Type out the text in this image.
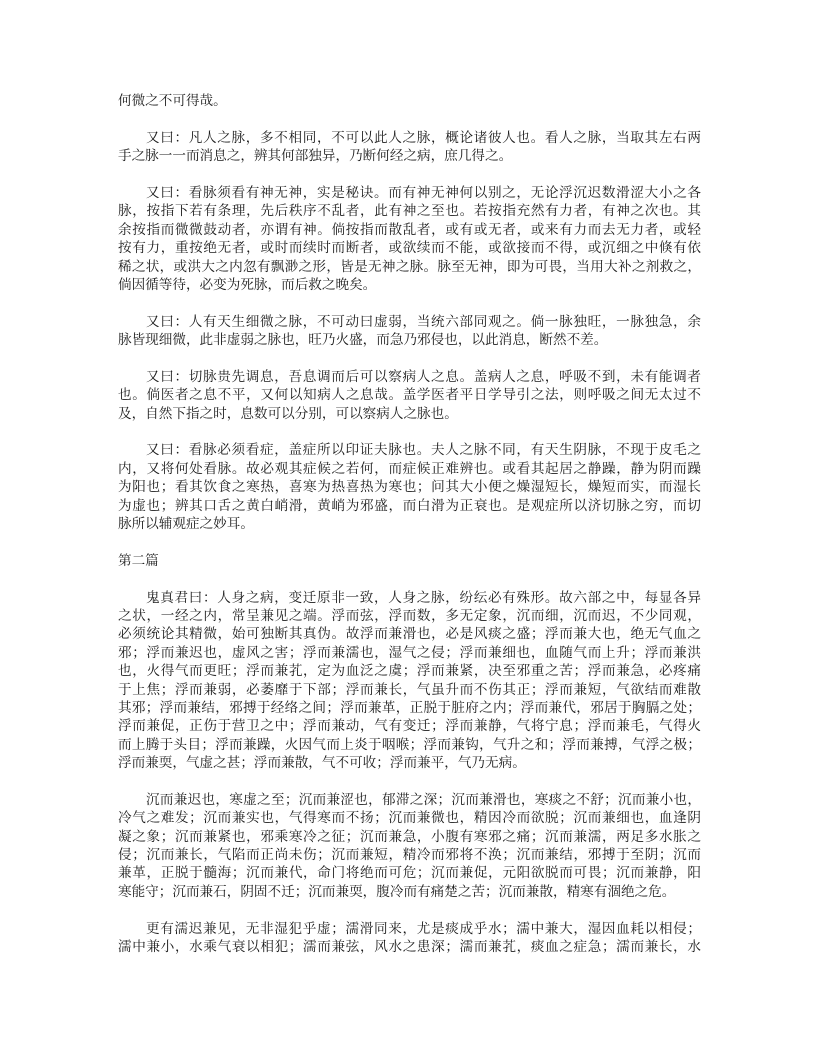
何微之不可得哉。
又曰：凡人之脉，多不相同，不可以此人之脉，概论诸彼人也。看人之脉，当取其左右两
手之脉一一而消息之，辨其何部独异，乃断何经之病，庶几得之。
又曰：看脉须看有神无神，实是秘诀。而有神无神何以别之，无论浮沉迟数滑涩大小之各
脉，按指下若有条理，先后秩序不乱者，此有神之至也。若按指充然有力者，有神之次也。其
余按指而微微鼓动者，亦谓有神。倘按指而散乱者，或有或无者，或来有力而去无力者，或轻
按有力，重按绝无者，或时而续时而断者，或欲续而不能，或欲接而不得，或沉细之中倏有依
稀之状，或洪大之内忽有飘渺之形，皆是无神之脉。脉至无神，即为可畏，当用大补之剂救之，
倘因循等待，必变为死脉，而后救之晚矣。
又曰：人有天生细微之脉，不可动曰虚弱，当统六部同观之。倘一脉独旺，一脉独急，余
脉皆现细微，此非虚弱之脉也，旺乃火盛，而急乃邪侵也，以此消息，断然不差。
又曰：切脉贵先调息，吾息调而后可以察病人之息。盖病人之息，呼吸不到，未有能调者
也。倘医者之息不平，又何以知病人之息哉。盖学医者平日学导引之法，则呼吸之间无太过不
及，自然下指之时，息数可以分别，可以察病人之脉也。
又曰：看脉必须看症，盖症所以印证夫脉也。夫人之脉不同，有天生阴脉，不现于皮毛之
内，又将何处看脉。故必观其症候之若何，而症候正难辨也。或看其起居之静躁，静为阴而躁
为阳也；看其饮食之寒热，喜寒为热喜热为寒也；问其大小便之燥湿短长，燥短而实，而湿长
为虚也；辨其口舌之黄白峭滑，黄峭为邪盛，而白滑为正衰也。是观症所以济切脉之穷，而切
脉所以辅观症之妙耳。
第二篇
鬼真君曰：人身之病，变迁原非一致，人身之脉，纷纭必有殊形。故六部之中，每显各异
之状，一经之内，常呈兼见之端。浮而弦，浮而数，多无定象，沉而细，沉而迟，不少同观，
必须统论其精微，始可独断其真伪。故浮而兼滑也，必是风痰之盛；浮而兼大也，绝无气血之
邪；浮而兼迟也，虚风之害；浮而兼濡也，湿气之侵；浮而兼细也，血随气而上升；浮而兼洪
也，火得气而更旺；浮而兼芤，定为血泛之虞；浮而兼紧，决至邪重之苦；浮而兼急，必疼痛
于上焦；浮而兼弱，必萎靡于下部；浮而兼长，气虽升而不伤其正；浮而兼短，气欲结而难散
其邪；浮而兼结，邪搏于经络之间；浮而兼革，正脱于脏府之内；浮而兼代，邪居于胸膈之处；
浮而兼促，正伤于营卫之中；浮而兼动，气有变迁；浮而兼静，气将宁息；浮而兼毛，气得火
而上腾于头目；浮而兼躁，火因气而上炎于咽喉；浮而兼钩，气升之和；浮而兼搏，气浮之极；
浮而兼耎，气虚之甚；浮而兼散，气不可收；浮而兼平，气乃无病。
沉而兼迟也，寒虚之至；沉而兼涩也，郁滞之深；沉而兼滑也，寒痰之不舒；沉而兼小也，
冷气之难发；沉而兼实也，气得寒而不扬；沉而兼微也，精因冷而欲脱；沉而兼细也，血逢阴
凝之象；沉而兼紧也，邪乘寒冷之征；沉而兼急，小腹有寒邪之痛；沉而兼濡，两足多水胀之
侵；沉而兼长，气陷而正尚未伤；沉而兼短，精冷而邪将不涣；沉而兼结，邪搏于至阴；沉而
兼革，正脱于髓海；沉而兼代，命门将绝而可危；沉而兼促，元阳欲脱而可畏；沉而兼静，阳
寒能守；沉而兼石，阴固不迁；沉而兼耎，腹冷而有痛楚之苦；沉而兼散，精寒有涸绝之危。
更有濡迟兼见，无非湿犯乎虚；濡滑同来，尤是痰成乎水；濡中兼大，湿因血耗以相侵；
濡中兼小，水乘气衰以相犯；濡而兼弦，风水之患深；濡而兼芤，痰血之症急；濡而兼长，水
